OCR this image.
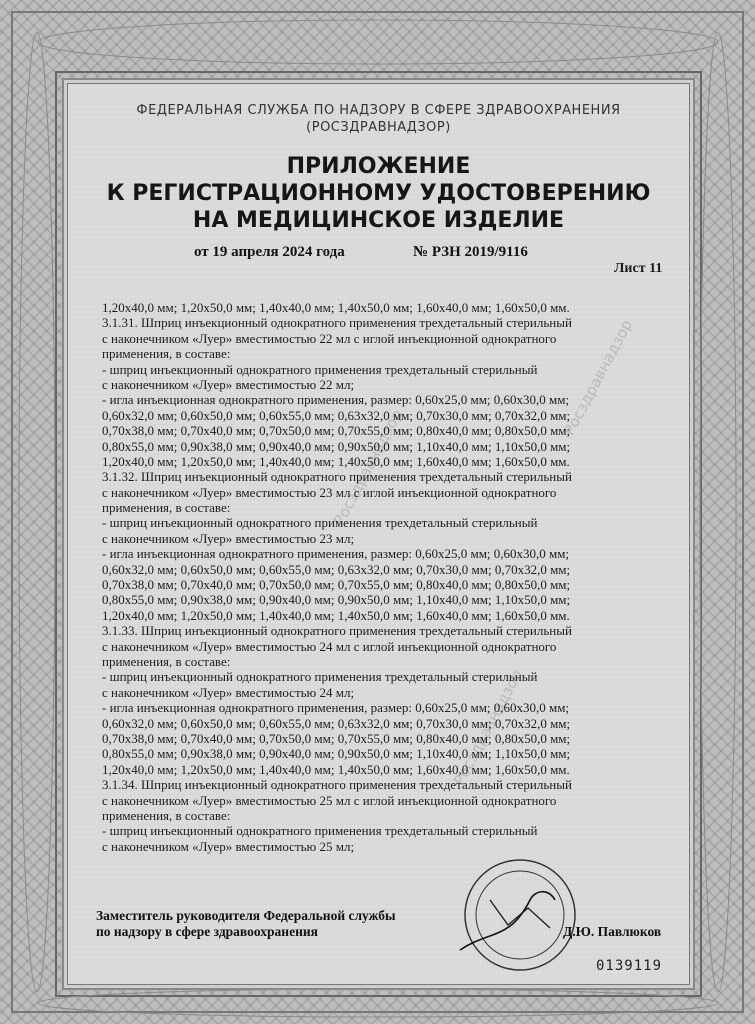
Росздравнадзор
Росздравнадзор
Росздравнадзор
ФЕДЕРАЛЬНАЯ СЛУЖБА ПО НАДЗОРУ В СФЕРЕ ЗДРАВООХРАНЕНИЯ
(РОСЗДРАВНАДЗОР)
ПРИЛОЖЕНИЕ
К РЕГИСТРАЦИОННОМУ УДОСТОВЕРЕНИЮ
НА МЕДИЦИНСКОЕ ИЗДЕЛИЕ
от 19 апреля 2024 года	№ РЗН 2019/9116
Лист 11
1,20х40,0 мм; 1,20х50,0 мм; 1,40х40,0 мм; 1,40х50,0 мм; 1,60х40,0 мм; 1,60х50,0 мм.
3.1.31. Шприц инъекционный однократного применения трехдетальный стерильный
с наконечником «Луер» вместимостью 22 мл с иглой инъекционной однократного
применения, в составе:
- шприц инъекционный однократного применения трехдетальный стерильный
с наконечником «Луер» вместимостью 22 мл;
- игла инъекционная однократного применения, размер: 0,60х25,0 мм; 0,60х30,0 мм;
0,60х32,0 мм; 0,60х50,0 мм; 0,60х55,0 мм; 0,63х32,0 мм; 0,70х30,0 мм; 0,70х32,0 мм;
0,70х38,0 мм; 0,70х40,0 мм; 0,70х50,0 мм; 0,70х55,0 мм; 0,80х40,0 мм; 0,80х50,0 мм;
0,80х55,0 мм; 0,90х38,0 мм; 0,90х40,0 мм; 0,90х50,0 мм; 1,10х40,0 мм; 1,10х50,0 мм;
1,20х40,0 мм; 1,20х50,0 мм; 1,40х40,0 мм; 1,40х50,0 мм; 1,60х40,0 мм; 1,60х50,0 мм.
3.1.32. Шприц инъекционный однократного применения трехдетальный стерильный
с наконечником «Луер» вместимостью 23 мл с иглой инъекционной однократного
применения, в составе:
- шприц инъекционный однократного применения трехдетальный стерильный
с наконечником «Луер» вместимостью 23 мл;
- игла инъекционная однократного применения, размер: 0,60х25,0 мм; 0,60х30,0 мм;
0,60х32,0 мм; 0,60х50,0 мм; 0,60х55,0 мм; 0,63х32,0 мм; 0,70х30,0 мм; 0,70х32,0 мм;
0,70х38,0 мм; 0,70х40,0 мм; 0,70х50,0 мм; 0,70х55,0 мм; 0,80х40,0 мм; 0,80х50,0 мм;
0,80х55,0 мм; 0,90х38,0 мм; 0,90х40,0 мм; 0,90х50,0 мм; 1,10х40,0 мм; 1,10х50,0 мм;
1,20х40,0 мм; 1,20х50,0 мм; 1,40х40,0 мм; 1,40х50,0 мм; 1,60х40,0 мм; 1,60х50,0 мм.
3.1.33. Шприц инъекционный однократного применения трехдетальный стерильный
с наконечником «Луер» вместимостью 24 мл с иглой инъекционной однократного
применения, в составе:
- шприц инъекционный однократного применения трехдетальный стерильный
с наконечником «Луер» вместимостью 24 мл;
- игла инъекционная однократного применения, размер: 0,60х25,0 мм; 0,60х30,0 мм;
0,60х32,0 мм; 0,60х50,0 мм; 0,60х55,0 мм; 0,63х32,0 мм; 0,70х30,0 мм; 0,70х32,0 мм;
0,70х38,0 мм; 0,70х40,0 мм; 0,70х50,0 мм; 0,70х55,0 мм; 0,80х40,0 мм; 0,80х50,0 мм;
0,80х55,0 мм; 0,90х38,0 мм; 0,90х40,0 мм; 0,90х50,0 мм; 1,10х40,0 мм; 1,10х50,0 мм;
1,20х40,0 мм; 1,20х50,0 мм; 1,40х40,0 мм; 1,40х50,0 мм; 1,60х40,0 мм; 1,60х50,0 мм.
3.1.34. Шприц инъекционный однократного применения трехдетальный стерильный
с наконечником «Луер» вместимостью 25 мл с иглой инъекционной однократного
применения, в составе:
- шприц инъекционный однократного применения трехдетальный стерильный
с наконечником «Луер» вместимостью 25 мл;
Заместитель руководителя Федеральной службы
по надзору в сфере здравоохранения	Д.Ю. Павлюков
0139119
